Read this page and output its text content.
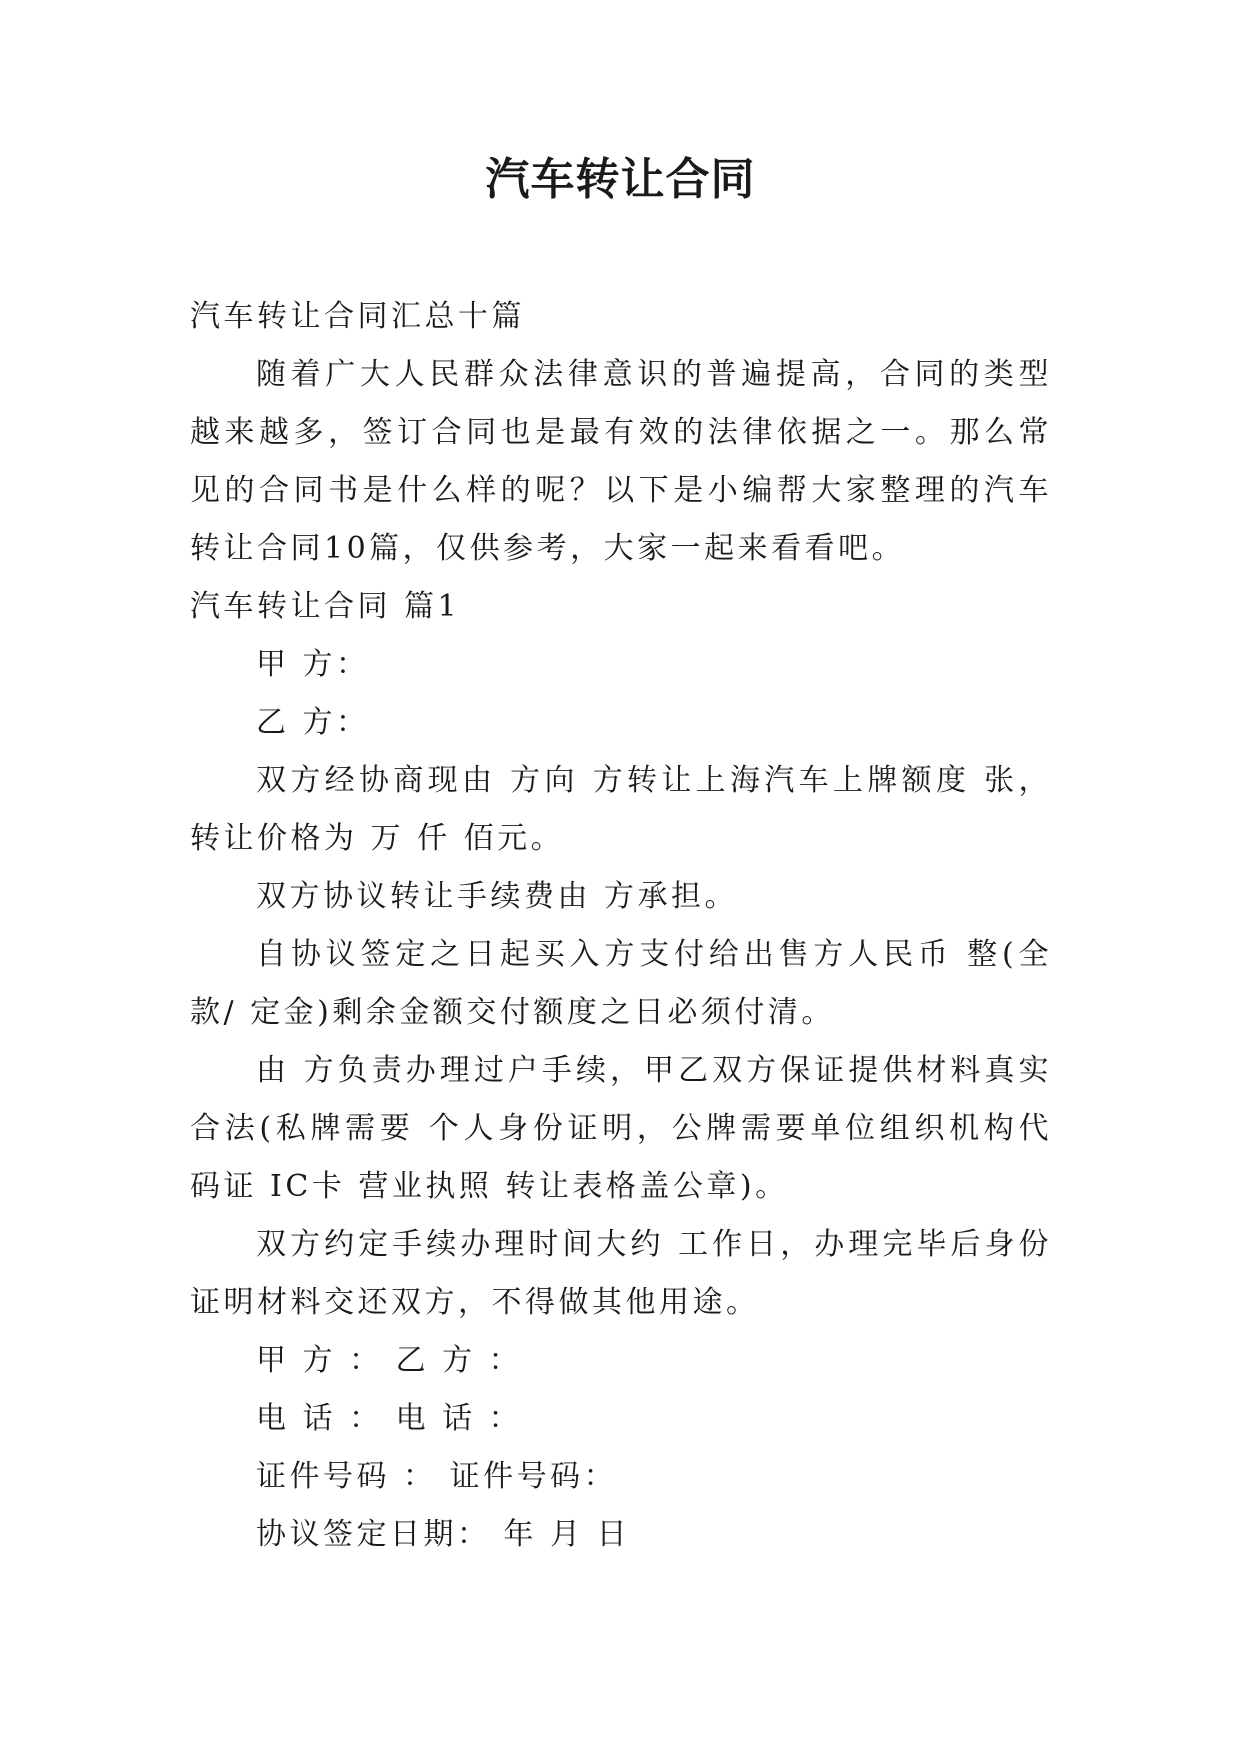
汽车转让合同

汽车转让合同汇总十篇

随着广大人民群众法律意识的普遍提高，合同的类型越来越多，签订合同也是最有效的法律依据之一。那么常见的合同书是什么样的呢？以下是小编帮大家整理的汽车转让合同10篇，仅供参考，大家一起来看看吧。

汽车转让合同 篇1

甲 方：

乙 方：

双方经协商现由 方向 方转让上海汽车上牌额度 张，转让价格为 万 仟 佰元。

双方协议转让手续费由 方承担。

自协议签定之日起买入方支付给出售方人民币 整(全款/ 定金)剩余金额交付额度之日必须付清。

由 方负责办理过户手续，甲乙双方保证提供材料真实合法(私牌需要 个人身份证明，公牌需要单位组织机构代码证 IC卡 营业执照 转让表格盖公章)。

双方约定手续办理时间大约 工作日，办理完毕后身份证明材料交还双方，不得做其他用途。

甲 方 ： 乙 方 ：

电 话 ： 电 话 ：

证件号码 ： 证件号码：

协议签定日期： 年 月 日
